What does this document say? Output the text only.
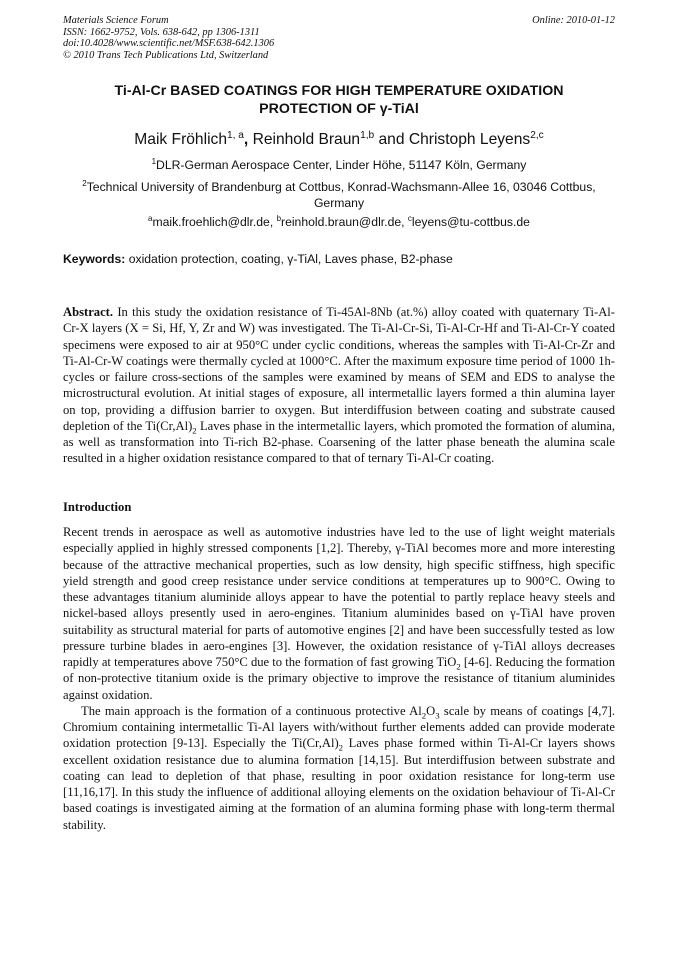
Materials Science Forum
ISSN: 1662-9752, Vols. 638-642, pp 1306-1311
doi:10.4028/www.scientific.net/MSF.638-642.1306
© 2010 Trans Tech Publications Ltd, Switzerland
Online: 2010-01-12
Ti-Al-Cr BASED COATINGS FOR HIGH TEMPERATURE OXIDATION
PROTECTION OF γ-TiAl
Maik Fröhlich$^{1, a}$, Reinhold Braun$^{1,b}$ and Christoph Leyens$^{2,c}$
$^1$DLR-German Aerospace Center, Linder Höhe, 51147 Köln, Germany
$^2$Technical University of Brandenburg at Cottbus, Konrad-Wachsmann-Allee 16, 03046 Cottbus, Germany
$^a$maik.froehlich@dlr.de, $^b$reinhold.braun@dlr.de, $^c$leyens@tu-cottbus.de
Keywords: oxidation protection, coating, γ-TiAl, Laves phase, B2-phase
Abstract. In this study the oxidation resistance of Ti-45Al-8Nb (at.%) alloy coated with quaternary Ti-Al-Cr-X layers (X = Si, Hf, Y, Zr and W) was investigated. The Ti-Al-Cr-Si, Ti-Al-Cr-Hf and Ti-Al-Cr-Y coated specimens were exposed to air at 950°C under cyclic conditions, whereas the samples with Ti-Al-Cr-Zr and Ti-Al-Cr-W coatings were thermally cycled at 1000°C. After the maximum exposure time period of 1000 1h-cycles or failure cross-sections of the samples were examined by means of SEM and EDS to analyse the microstructural evolution. At initial stages of exposure, all intermetallic layers formed a thin alumina layer on top, providing a diffusion barrier to oxygen. But interdiffusion between coating and substrate caused depletion of the $Ti(Cr,Al)_2$ Laves phase in the intermetallic layers, which promoted the formation of alumina, as well as transformation into Ti-rich B2-phase. Coarsening of the latter phase beneath the alumina scale resulted in a higher oxidation resistance compared to that of ternary Ti-Al-Cr coating.
Introduction
Recent trends in aerospace as well as automotive industries have led to the use of light weight materials especially applied in highly stressed components [1,2]. Thereby, γ-TiAl becomes more and more interesting because of the attractive mechanical properties, such as low density, high specific stiffness, high specific yield strength and good creep resistance under service conditions at temperatures up to 900°C. Owing to these advantages titanium aluminide alloys appear to have the potential to partly replace heavy steels and nickel-based alloys presently used in aero-engines. Titanium aluminides based on γ-TiAl have proven suitability as structural material for parts of automotive engines [2] and have been successfully tested as low pressure turbine blades in aero-engines [3]. However, the oxidation resistance of γ-TiAl alloys decreases rapidly at temperatures above 750°C due to the formation of fast growing TiO$_2$ [4-6]. Reducing the formation of non-protective titanium oxide is the primary objective to improve the resistance of titanium aluminides against oxidation.
The main approach is the formation of a continuous protective $Al_2O_3$ scale by means of coatings [4,7]. Chromium containing intermetallic Ti-Al layers with/without further elements added can provide moderate oxidation protection [9-13]. Especially the $Ti(Cr,Al)_2$ Laves phase formed within Ti-Al-Cr layers shows excellent oxidation resistance due to alumina formation [14,15]. But interdiffusion between substrate and coating can lead to depletion of that phase, resulting in poor oxidation resistance for long-term use [11,16,17]. In this study the influence of additional alloying elements on the oxidation behaviour of Ti-Al-Cr based coatings is investigated aiming at the formation of an alumina forming phase with long-term thermal stability.
